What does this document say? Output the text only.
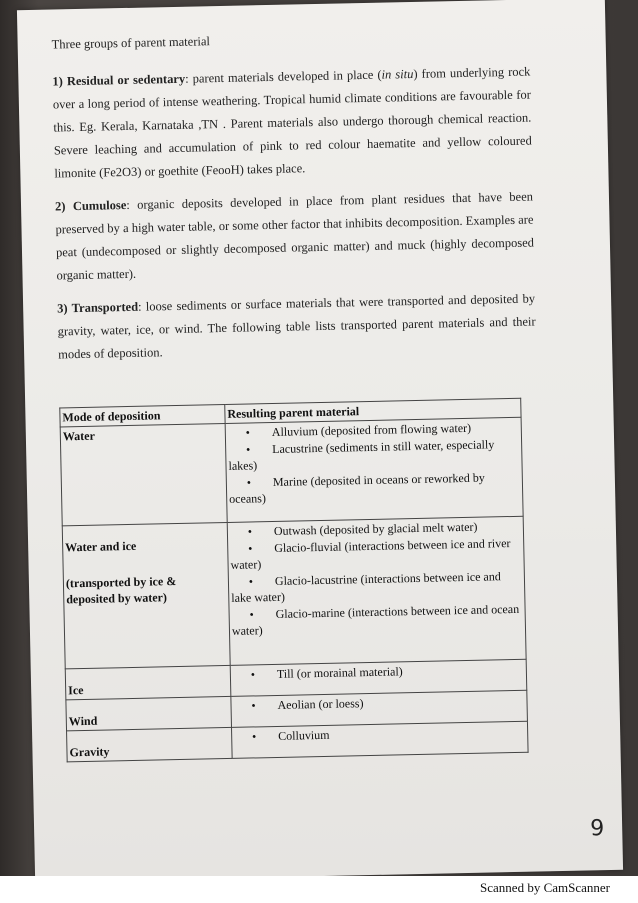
Three groups of parent material

1) Residual or sedentary: parent materials developed in place (in situ) from underlying rock over a long period of intense weathering. Tropical humid climate conditions are favourable for this. Eg. Kerala, Karnataka ,TN . Parent materials also undergo thorough chemical reaction. Severe leaching and accumulation of pink to red colour haematite and yellow coloured limonite (Fe2O3) or goethite (FeooH) takes place.

2) Cumulose: organic deposits developed in place from plant residues that have been preserved by a high water table, or some other factor that inhibits decomposition. Examples are peat (undecomposed or slightly decomposed organic matter) and muck (highly decomposed organic matter).

3) Transported: loose sediments or surface materials that were transported and deposited by gravity, water, ice, or wind. The following table lists transported parent materials and their modes of deposition.

Mode of deposition	Resulting parent material
Water	• Alluvium (deposited from flowing water)
• Lacustrine (sediments in still water, especially lakes)
• Marine (deposited in oceans or reworked by oceans)

Water and ice
(transported by ice & deposited by water)	• Outwash (deposited by glacial melt water)
• Glacio-fluvial (interactions between ice and river water)
• Glacio-lacustrine (interactions between ice and lake water)
• Glacio-marine (interactions between ice and ocean water)

Ice	• Till (or morainal material)

Wind	• Aeolian (or loess)

Gravity	• Colluvium
9
Scanned by CamScanner
